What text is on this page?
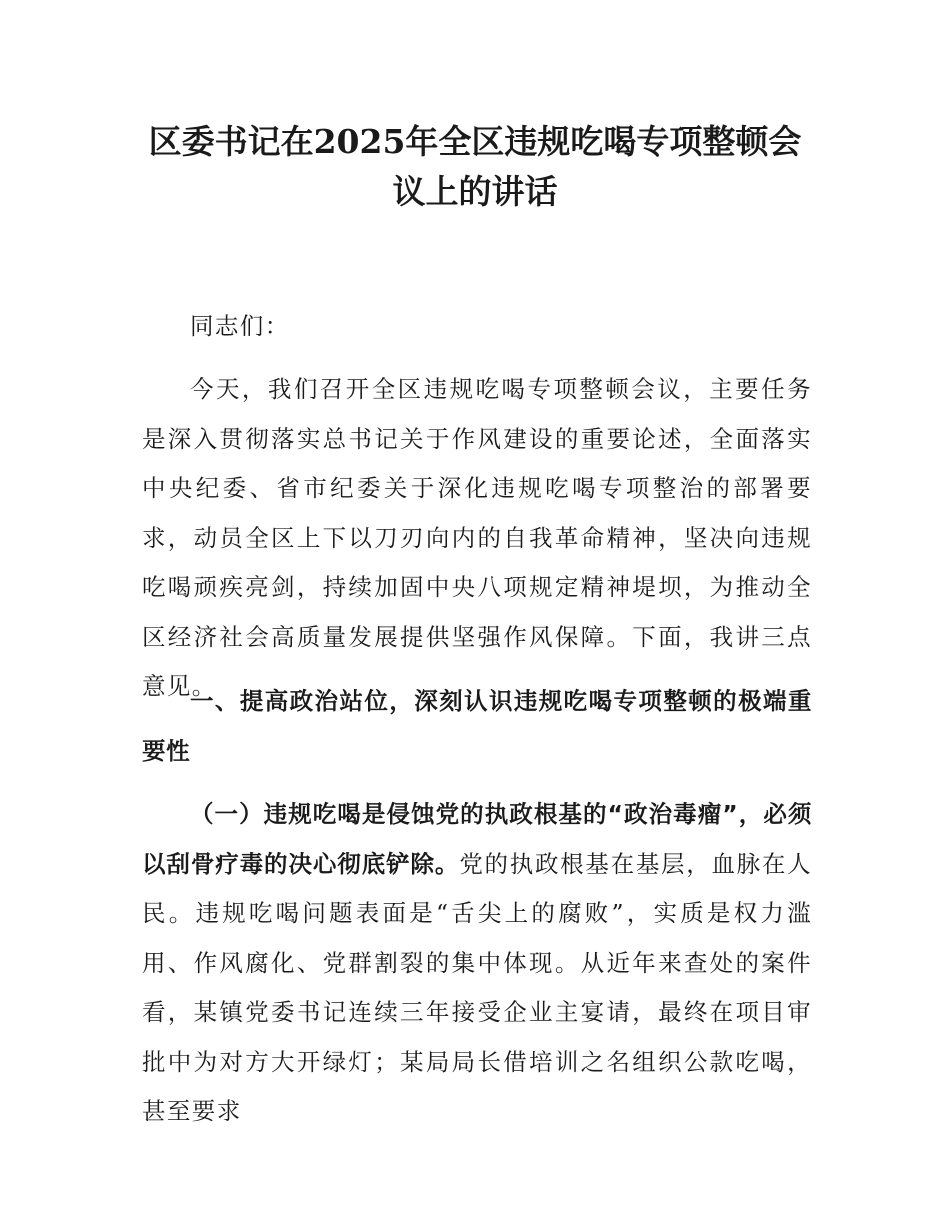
区委书记在2025年全区违规吃喝专项整顿会
议上的讲话

同志们：

今天，我们召开全区违规吃喝专项整顿会议，主要任务是深入贯彻落实总书记关于作风建设的重要论述，全面落实中央纪委、省市纪委关于深化违规吃喝专项整治的部署要求，动员全区上下以刀刃向内的自我革命精神，坚决向违规吃喝顽疾亮剑，持续加固中央八项规定精神堤坝，为推动全区经济社会高质量发展提供坚强作风保障。下面，我讲三点意见。

一、提高政治站位，深刻认识违规吃喝专项整顿的极端重要性

（一）违规吃喝是侵蚀党的执政根基的“政治毒瘤”，必须以刮骨疗毒的决心彻底铲除。党的执政根基在基层，血脉在人民。违规吃喝问题表面是“舌尖上的腐败”，实质是权力滥用、作风腐化、党群割裂的集中体现。从近年来查处的案件看，某镇党委书记连续三年接受企业主宴请，最终在项目审批中为对方大开绿灯；某局局长借培训之名组织公款吃喝，甚至要求
